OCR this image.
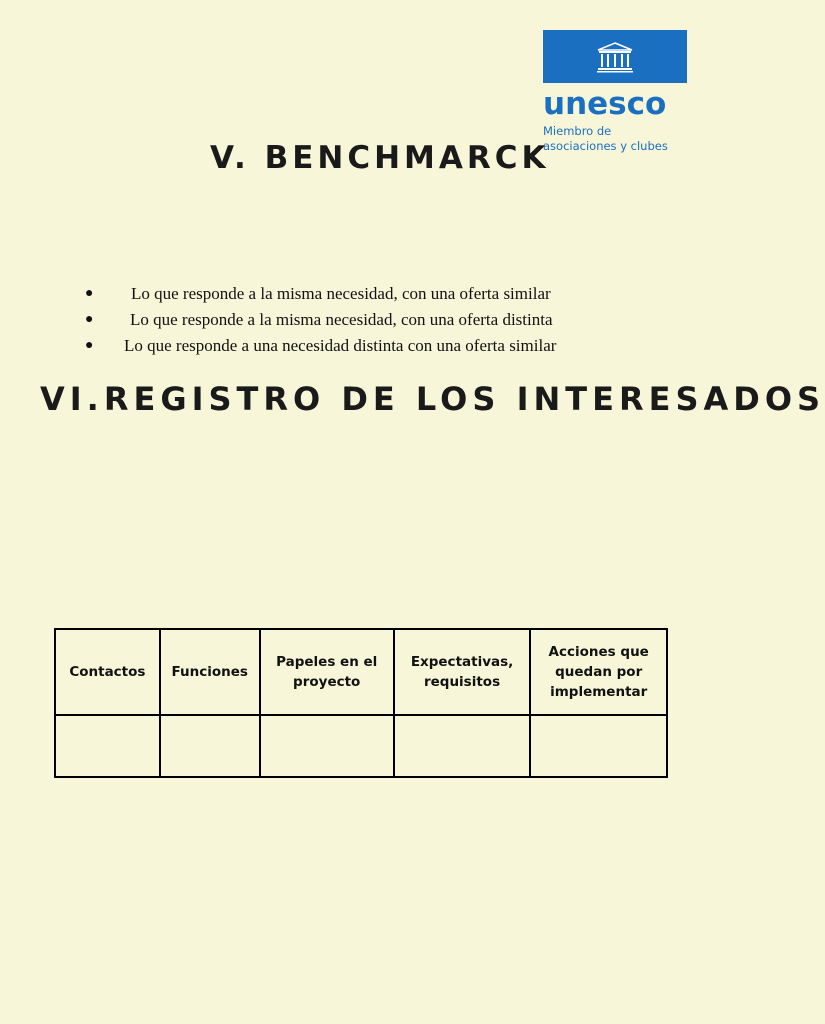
unesco
Miembro de
asociaciones y clubes
V. BENCHMARCK
● Lo que responde a la misma necesidad, con una oferta similar
● Lo que responde a la misma necesidad, con una oferta distinta
● Lo que responde a una necesidad distinta con una oferta similar
VI.REGISTRO DE LOS INTERESADOS
Contactos	Funciones	Papeles en el proyecto	Expectativas, requisitos	Acciones que quedan por implementar
